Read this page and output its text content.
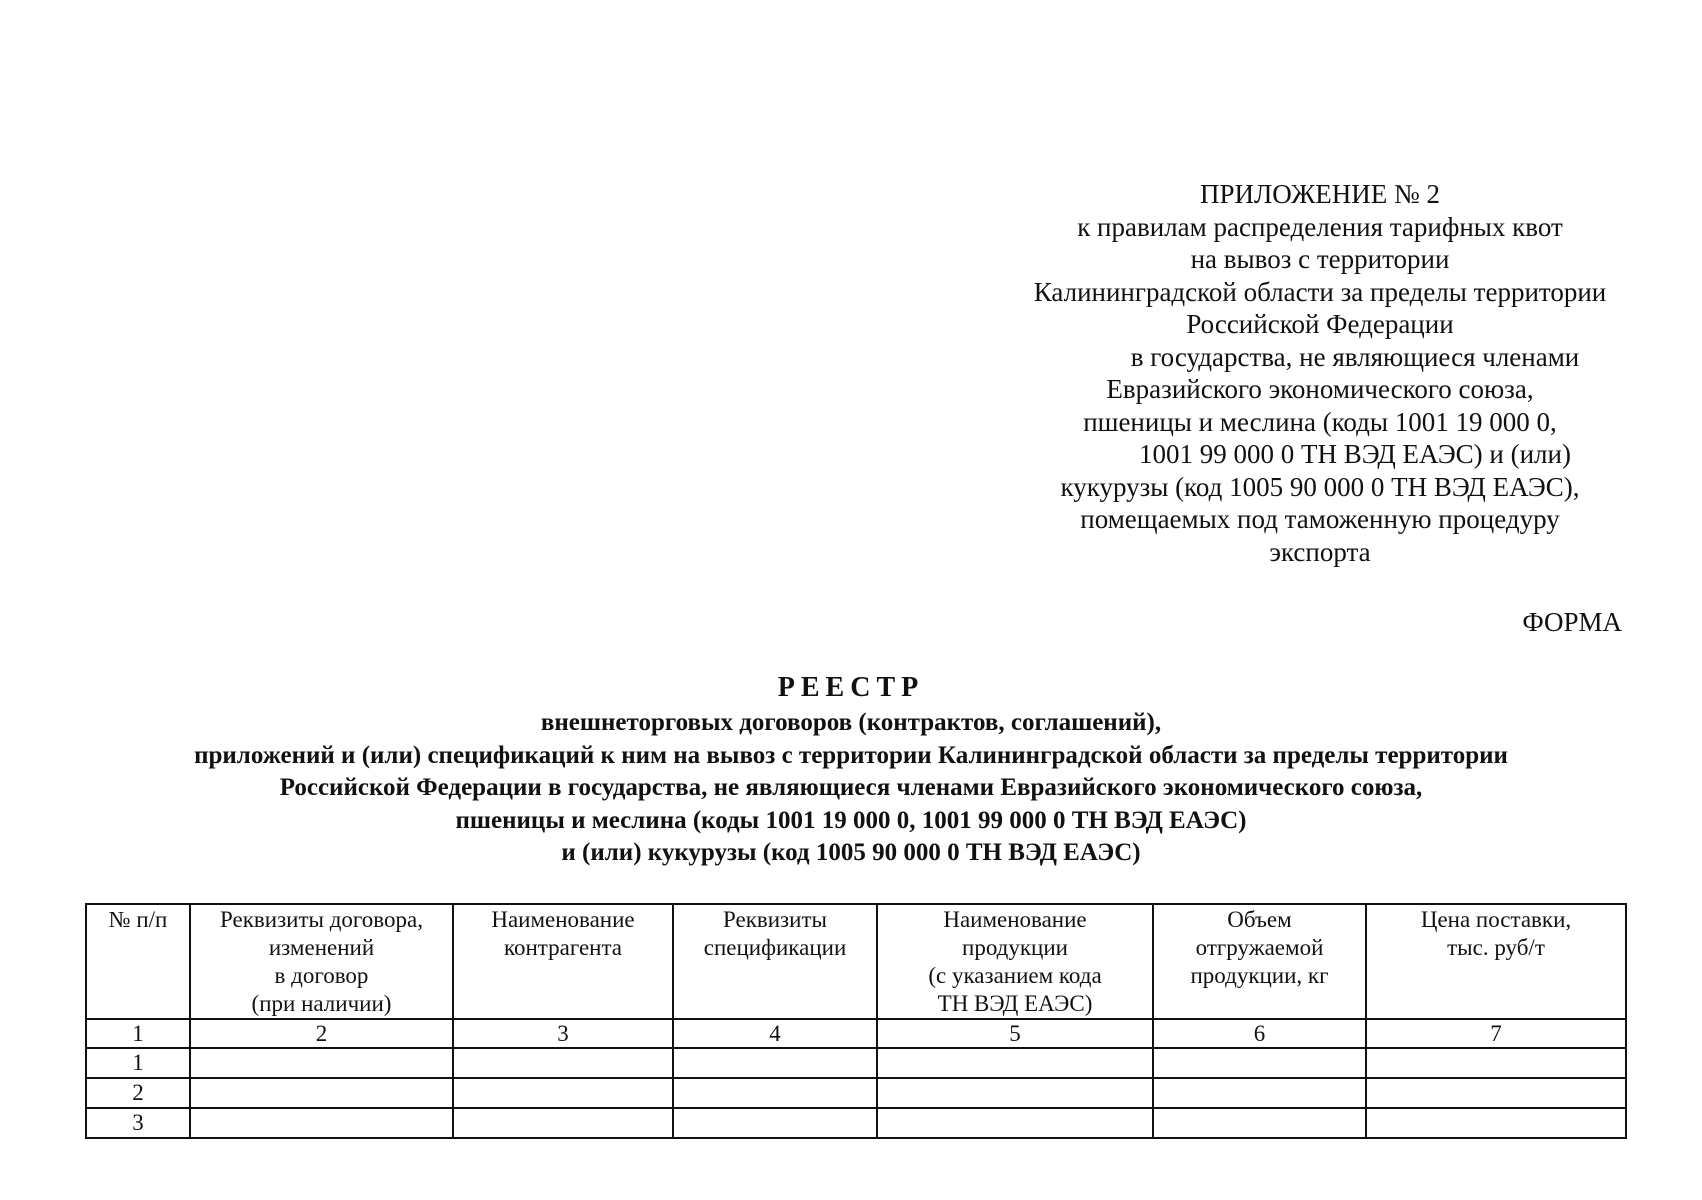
ПРИЛОЖЕНИЕ № 2
к правилам распределения тарифных квот
на вывоз с территории
Калининградской области за пределы территории
Российской Федерации
в государства, не являющиеся членами
Евразийского экономического союза,
пшеницы и меслина (коды 1001 19 000 0,
1001 99 000 0 ТН ВЭД ЕАЭС) и (или)
кукурузы (код 1005 90 000 0 ТН ВЭД ЕАЭС),
помещаемых под таможенную процедуру
экспорта
ФОРМА
РЕЕСТР
внешнеторговых договоров (контрактов, соглашений),
приложений и (или) спецификаций к ним на вывоз с территории Калининградской области за пределы территории
Российской Федерации в государства, не являющиеся членами Евразийского экономического союза,
пшеницы и меслина (коды 1001 19 000 0, 1001 99 000 0 ТН ВЭД ЕАЭС)
и (или) кукурузы (код 1005 90 000 0 ТН ВЭД ЕАЭС)
№ п/п	Реквизиты договора,
изменений
в договор
(при наличии)	Наименование
контрагента	Реквизиты
спецификации	Наименование
продукции
(с указанием кода
ТН ВЭД ЕАЭС)	Объем
отгружаемой
продукции, кг	Цена поставки,
тыс. руб/т

1	2	3	4	5	6	7
1						
2						
3						
